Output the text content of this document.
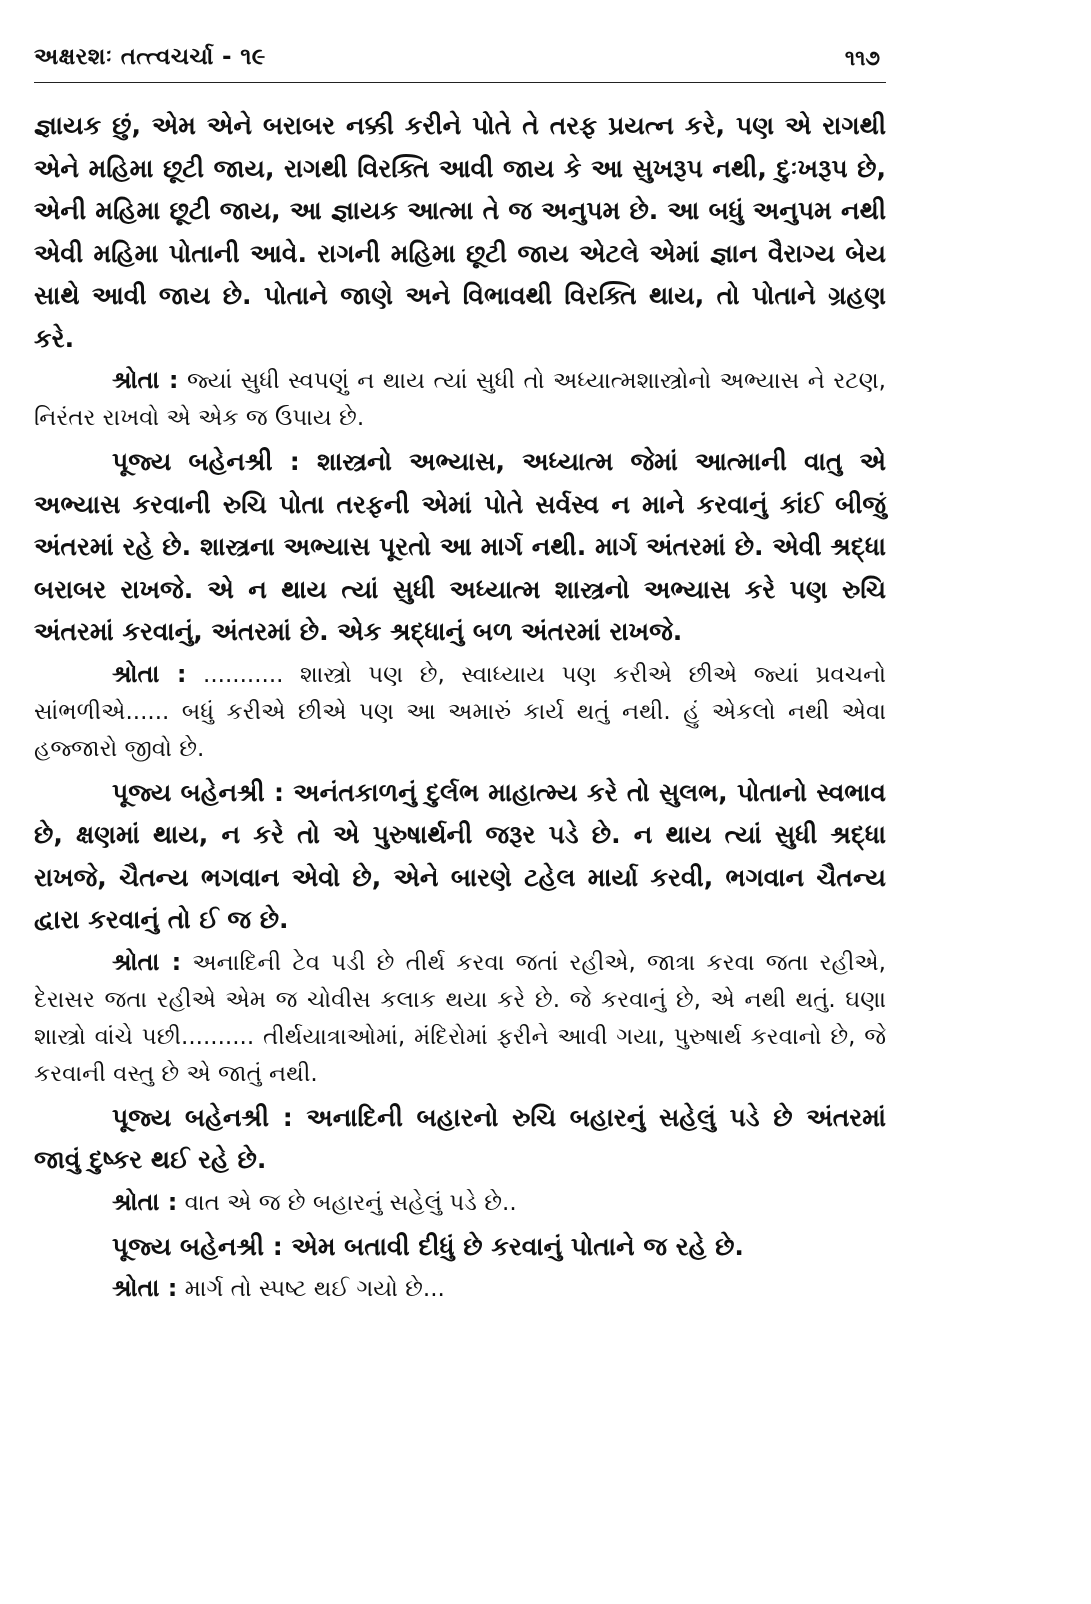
અક્ષરશઃ તત્ત્વચર્ચા - ૧૯	૧૧૭

જ્ઞાયક છું, એમ એને બરાબર નક્કી કરીને પોતે તે તરફ પ્રયત્ન કરે, પણ એ રાગથી એને મહિમા છૂટી જાય, રાગથી વિરક્તિ આવી જાય કે આ સુખરૂપ નથી, દુઃખરૂપ છે, એની મહિમા છૂટી જાય, આ જ્ઞાયક આત્મા તે જ અનુપમ છે. આ બધું અનુપમ નથી એવી મહિમા પોતાની આવે. રાગની મહિમા છૂટી જાય એટલે એમાં જ્ઞાન વૈરાગ્ય બેય સાથે આવી જાય છે. પોતાને જાણે અને વિભાવથી વિરક્તિ થાય, તો પોતાને ગ્રહણ કરે.

શ્રોતા : જ્યાં સુધી સ્વપણું ન થાય ત્યાં સુધી તો અધ્યાત્મશાસ્ત્રોનો અભ્યાસ ને રટણ, નિરંતર રાખવો એ એક જ ઉપાય છે.

પૂજ્ય બહેનશ્રી : શાસ્ત્રનો અભ્યાસ, અધ્યાત્મ જેમાં આત્માની વાતુ એ અભ્યાસ કરવાની રુચિ પોતા તરફની એમાં પોતે સર્વસ્વ ન માને કરવાનું કાંઈ બીજું અંતરમાં રહે છે. શાસ્ત્રના અભ્યાસ પૂરતો આ માર્ગ નથી. માર્ગ અંતરમાં છે. એવી શ્રદ્ધા બરાબર રાખજે. એ ન થાય ત્યાં સુધી અધ્યાત્મ શાસ્ત્રનો અભ્યાસ કરે પણ રુચિ અંતરમાં કરવાનું, અંતરમાં છે. એક શ્રદ્ધાનું બળ અંતરમાં રાખજે.

શ્રોતા : ........... શાસ્ત્રો પણ છે, સ્વાધ્યાય પણ કરીએ છીએ જ્યાં પ્રવચનો સાંભળીએ...... બધું કરીએ છીએ પણ આ અમારું કાર્ય થતું નથી. હું એકલો નથી એવા હજ્જારો જીવો છે.

પૂજ્ય બહેનશ્રી : અનંતકાળનું દુર્લભ માહાત્મ્ય કરે તો સુલભ, પોતાનો સ્વભાવ છે, ક્ષણમાં થાય, ન કરે તો એ પુરુષાર્થની જરૂર પડે છે. ન થાય ત્યાં સુધી શ્રદ્ધા રાખજે, ચૈતન્ય ભગવાન એવો છે, એને બારણે ટહેલ માર્યા કરવી, ભગવાન ચૈતન્ય દ્વારા કરવાનું તો ઈ જ છે.

શ્રોતા : અનાદિની ટેવ પડી છે તીર્થ કરવા જતાં રહીએ, જાત્રા કરવા જતા રહીએ, દેરાસર જતા રહીએ એમ જ ચોવીસ કલાક થયા કરે છે. જે કરવાનું છે, એ નથી થતું. ઘણા શાસ્ત્રો વાંચે પછી.......... તીર્થયાત્રાઓમાં, મંદિરોમાં ફરીને આવી ગયા, પુરુષાર્થ કરવાનો છે, જે કરવાની વસ્તુ છે એ જાતું નથી.

પૂજ્ય બહેનશ્રી : અનાદિની બહારનો રુચિ બહારનું સહેલું પડે છે અંતરમાં જાવું દુષ્કર થઈ રહે છે.

શ્રોતા : વાત એ જ છે બહારનું સહેલું પડે છે..

પૂજ્ય બહેનશ્રી : એમ બતાવી દીધું છે કરવાનું પોતાને જ રહે છે.

શ્રોતા : માર્ગ તો સ્પષ્ટ થઈ ગયો છે...
